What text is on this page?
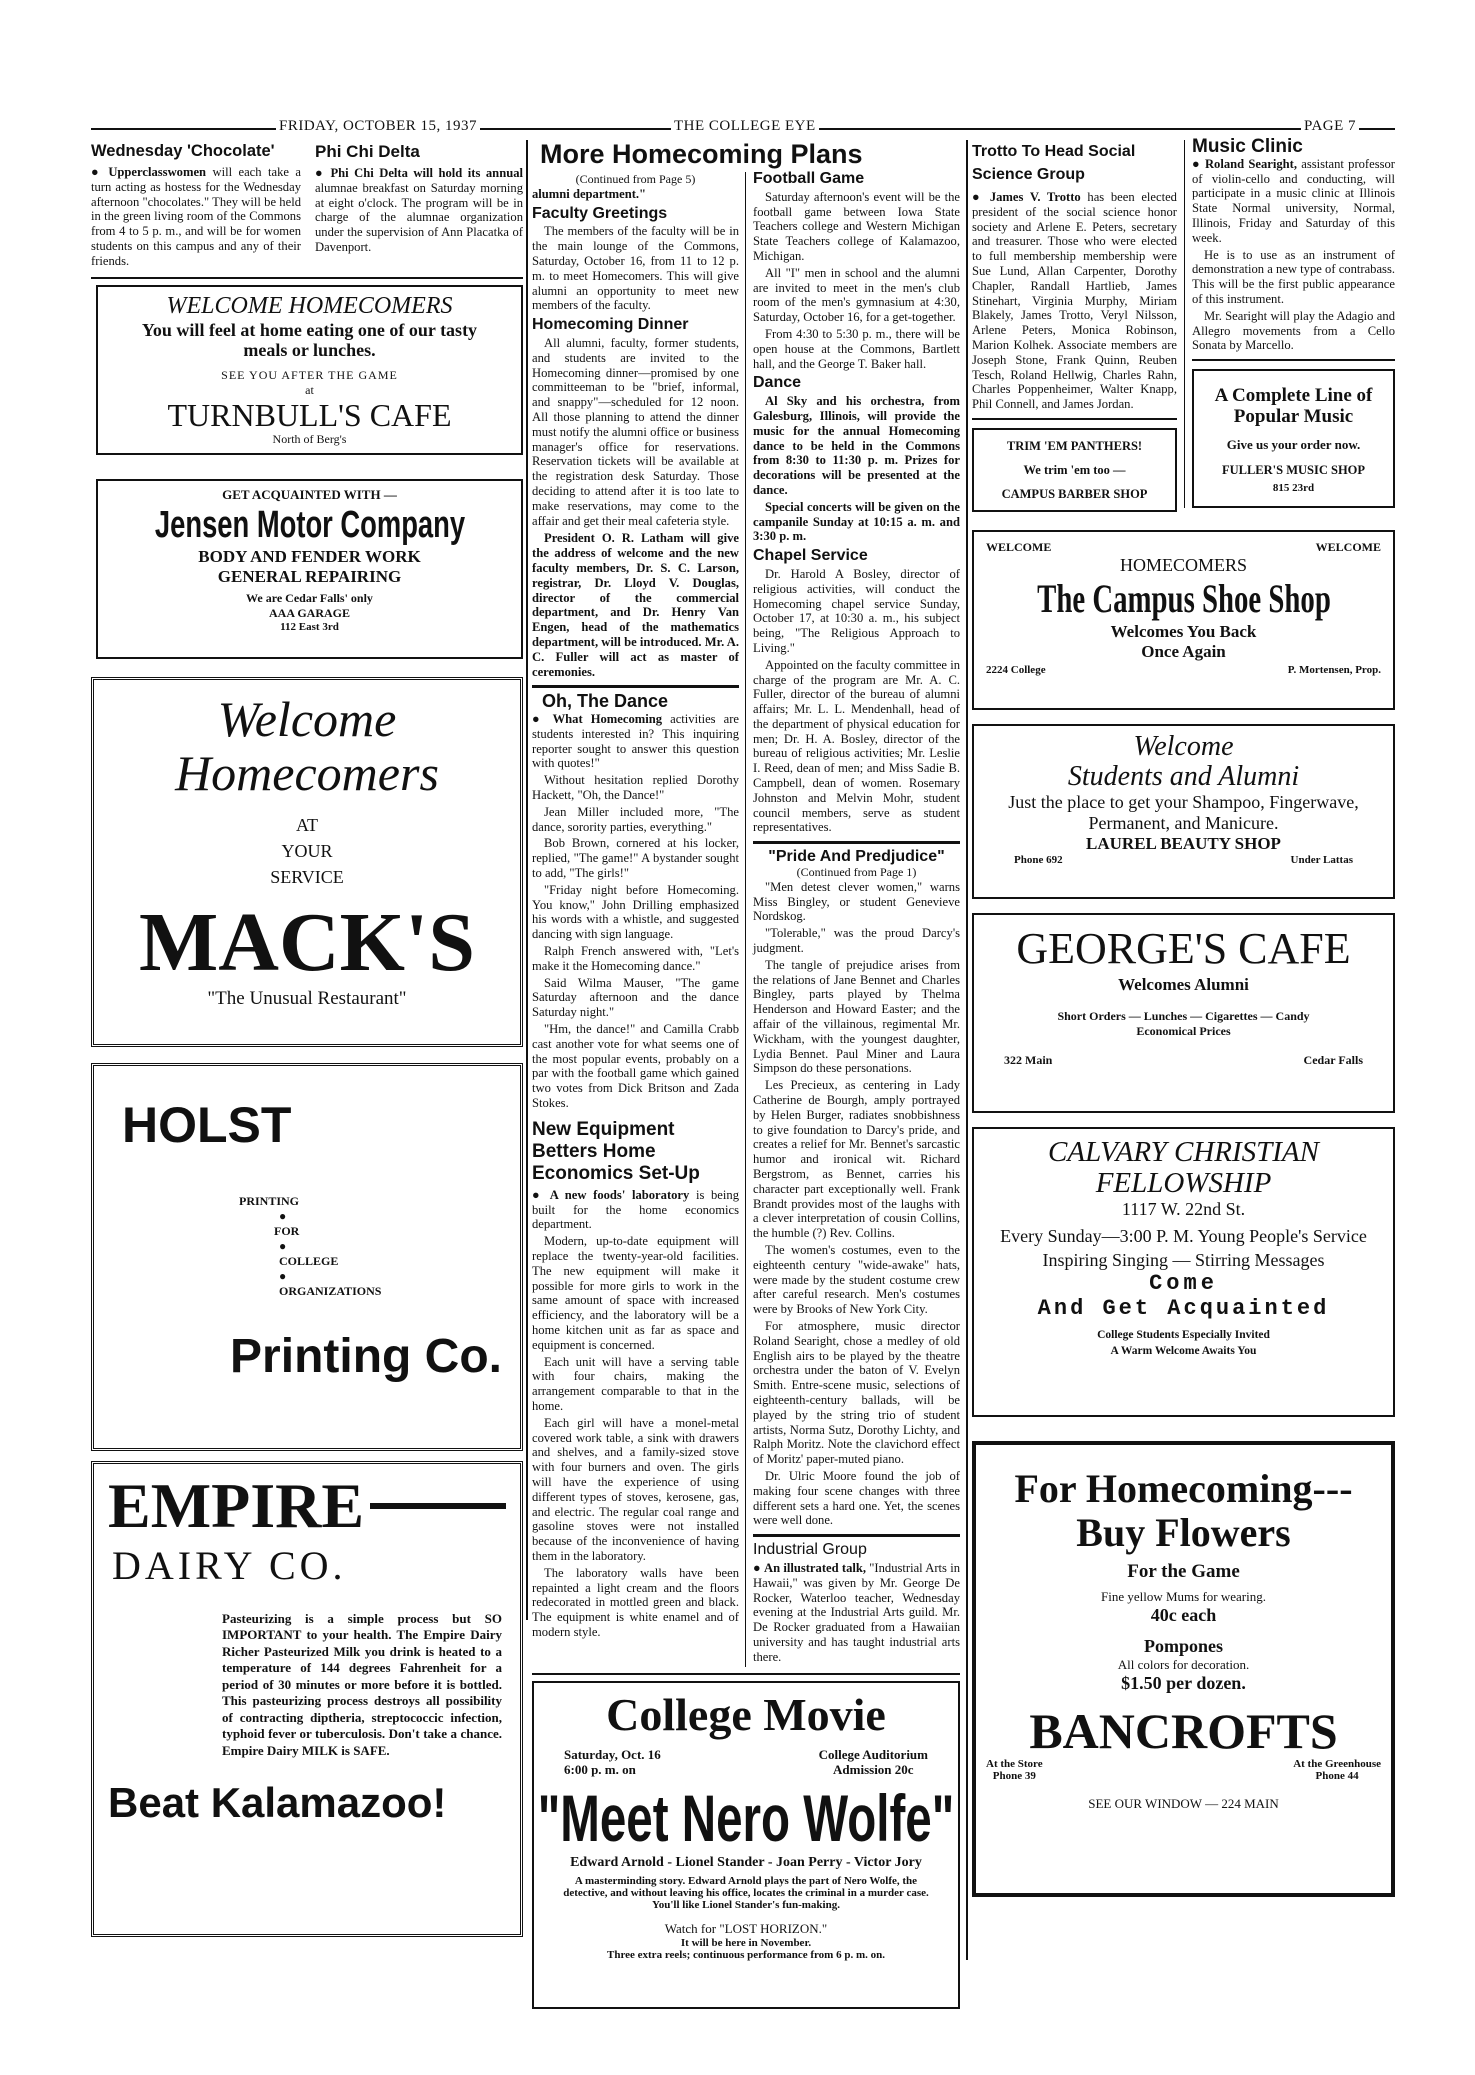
FRIDAY, OCTOBER 15, 1937	THE COLLEGE EYE	PAGE 7
Wednesday 'Chocolate'

● Upperclasswomen will each take a turn acting as hostess for the Wednesday afternoon "chocolates." They will be held in the green living room of the Commons from 4 to 5 p. m., and will be for women students on this campus and any of their friends.

Phi Chi Delta

● Phi Chi Delta will hold its annual alumnae breakfast on Saturday morning at eight o'clock. The program will be in charge of the alumnae organization under the supervision of Ann Placatka of Davenport.

WELCOME HOMECOMERS
You will feel at home eating one of our tasty meals or lunches.
SEE YOU AFTER THE GAME
at
TURNBULL'S CAFE
North of Berg's
GET ACQUAINTED WITH —
Jensen Motor Company
BODY AND FENDER WORK
GENERAL REPAIRING
We are Cedar Falls' only
AAA GARAGE
112 East 3rd
Welcome
Homecomers
AT
YOUR
SERVICE
MACK'S
"The Unusual Restaurant"
HOLST
PRINTING
●
FOR
●
COLLEGE
●
ORGANIZATIONS
Printing Co.
EMPIRE
DAIRY CO.
Pasteurizing is a simple process but SO IMPORTANT to your health. The Empire Dairy Richer Pasteurized Milk you drink is heated to a temperature of 144 degrees Fahrenheit for a period of 30 minutes or more before it is bottled. This pasteurizing process destroys all possibility of contracting diptheria, streptococcic infection, typhoid fever or tuberculosis. Don't take a chance. Empire Dairy MILK is SAFE.
Beat Kalamazoo!
More Homecoming Plans
(Continued from Page 5)

alumni department."

Faculty Greetings

The members of the faculty will be in the main lounge of the Commons, Saturday, October 16, from 11 to 12 p. m. to meet Homecomers. This will give alumni an opportunity to meet new members of the faculty.

Homecoming Dinner

All alumni, faculty, former students, and students are invited to the Homecoming dinner—promised by one committeeman to be "brief, informal, and snappy"—scheduled for 12 noon. All those planning to attend the dinner must notify the alumni office or business manager's office for reservations. Reservation tickets will be available at the registration desk Saturday. Those deciding to attend after it is too late to make reservations, may come to the affair and get their meal cafeteria style.

President O. R. Latham will give the address of welcome and the new faculty members, Dr. S. C. Larson, registrar, Dr. Lloyd V. Douglas, director of the commercial department, and Dr. Henry Van Engen, head of the mathematics department, will be introduced. Mr. A. C. Fuller will act as master of ceremonies.

Oh, The Dance

● What Homecoming activities are students interested in? This inquiring reporter sought to answer this question with quotes!"

Without hesitation replied Dorothy Hackett, "Oh, the Dance!"

Jean Miller included more, "The dance, sorority parties, everything."

Bob Brown, cornered at his locker, replied, "The game!" A bystander sought to add, "The girls!"

"Friday night before Homecoming. You know," John Drilling emphasized his words with a whistle, and suggested dancing with sign language.

Ralph French answered with, "Let's make it the Homecoming dance."

Said Wilma Mauser, "The game Saturday afternoon and the dance Saturday night."

"Hm, the dance!" and Camilla Crabb cast another vote for what seems one of the most popular events, probably on a par with the football game which gained two votes from Dick Britson and Zada Stokes.

New Equipment Betters Home Economics Set-Up

● A new foods' laboratory is being built for the home economics department.

Modern, up-to-date equipment will replace the twenty-year-old facilities. The new equipment will make it possible for more girls to work in the same amount of space with increased efficiency, and the laboratory will be a home kitchen unit as far as space and equipment is concerned.

Each unit will have a serving table with four chairs, making the arrangement comparable to that in the home.

Each girl will have a monel-metal covered work table, a sink with drawers and shelves, and a family-sized stove with four burners and oven. The girls will have the experience of using different types of stoves, kerosene, gas, and electric. The regular coal range and gasoline stoves were not installed because of the inconvenience of having them in the laboratory.

The laboratory walls have been repainted a light cream and the floors redecorated in mottled green and black. The equipment is white enamel and of modern style.

Football Game

Saturday afternoon's event will be the football game between Iowa State Teachers college and Western Michigan State Teachers college of Kalamazoo, Michigan.

All "I" men in school and the alumni are invited to meet in the men's club room of the men's gymnasium at 4:30, Saturday, October 16, for a get-together.

From 4:30 to 5:30 p. m., there will be open house at the Commons, Bartlett hall, and the George T. Baker hall.

Dance

Al Sky and his orchestra, from Galesburg, Illinois, will provide the music for the annual Homecoming dance to be held in the Commons from 8:30 to 11:30 p. m. Prizes for decorations will be presented at the dance.

Special concerts will be given on the campanile Sunday at 10:15 a. m. and 3:30 p. m.

Chapel Service

Dr. Harold A Bosley, director of religious activities, will conduct the Homecoming chapel service Sunday, October 17, at 10:30 a. m., his subject being, "The Religious Approach to Living."

Appointed on the faculty committee in charge of the program are Mr. A. C. Fuller, director of the bureau of alumni affairs; Mr. L. L. Mendenhall, head of the department of physical education for men; Dr. H. A. Bosley, director of the bureau of religious activities; Mr. Leslie I. Reed, dean of men; and Miss Sadie B. Campbell, dean of women. Rosemary Johnston and Melvin Mohr, student council members, serve as student representatives.

"Pride And Predjudice"
(Continued from Page 1)

"Men detest clever women," warns Miss Bingley, or student Genevieve Nordskog.

"Tolerable," was the proud Darcy's judgment.

The tangle of prejudice arises from the relations of Jane Bennet and Charles Bingley, parts played by Thelma Henderson and Howard Easter; and the affair of the villainous, regimental Mr. Wickham, with the youngest daughter, Lydia Bennet. Paul Miner and Laura Simpson do these personations.

Les Precieux, as centering in Lady Catherine de Bourgh, amply portrayed by Helen Burger, radiates snobbishness to give foundation to Darcy's pride, and creates a relief for Mr. Bennet's sarcastic humor and ironical wit. Richard Bergstrom, as Bennet, carries his character part exceptionally well. Frank Brandt provides most of the laughs with a clever interpretation of cousin Collins, the humble (?) Rev. Collins.

The women's costumes, even to the eighteenth century "wide-awake" hats, were made by the student costume crew after careful research. Men's costumes were by Brooks of New York City.

For atmosphere, music director Roland Searight, chose a medley of old English airs to be played by the theatre orchestra under the baton of V. Evelyn Smith. Entre-scene music, selections of eighteenth-century ballads, will be played by the string trio of student artists, Norma Sutz, Dorothy Lichty, and Ralph Moritz. Note the clavichord effect of Moritz' paper-muted piano.

Dr. Ulric Moore found the job of making four scene changes with three different sets a hard one. Yet, the scenes were well done.

Industrial Group

● An illustrated talk, "Industrial Arts in Hawaii," was given by Mr. George De Rocker, Waterloo teacher, Wednesday evening at the Industrial Arts guild. Mr. De Rocker graduated from a Hawaiian university and has taught industrial arts there.

College Movie
Saturday, Oct. 16
6:00 p. m. on
College Auditorium
Admission 20c
"Meet Nero Wolfe"
Edward Arnold - Lionel Stander - Joan Perry - Victor Jory
A masterminding story. Edward Arnold plays the part of Nero Wolfe, the detective, and without leaving his office, locates the criminal in a murder case. You'll like Lionel Stander's fun-making.
Watch for "LOST HORIZON."
It will be here in November.
Three extra reels; continuous performance from 6 p. m. on.
Trotto To Head Social Science Group

● James V. Trotto has been elected president of the social science honor society and Arlene E. Peters, secretary and treasurer. Those who were elected to full membership membership were Sue Lund, Allan Carpenter, Dorothy Chapler, Randall Hartlieb, James Stinehart, Virginia Murphy, Miriam Blakely, James Trotto, Veryl Nilsson, Arlene Peters, Monica Robinson, Marion Kolhek. Associate members are Joseph Stone, Frank Quinn, Reuben Tesch, Roland Hellwig, Charles Rahn, Charles Poppenheimer, Walter Knapp, Phil Connell, and James Jordan.

TRIM 'EM PANTHERS!
We trim 'em too —
CAMPUS BARBER SHOP
Music Clinic

● Roland Searight, assistant professor of violin-cello and conducting, will participate in a music clinic at Illinois State Normal university, Normal, Illinois, Friday and Saturday of this week.

He is to use as an instrument of demonstration a new type of contrabass. This will be the first public appearance of this instrument.

Mr. Searight will play the Adagio and Allegro movements from a Cello Sonata by Marcello.

A Complete Line of Popular Music
Give us your order now.
FULLER'S MUSIC SHOP
815 23rd
WELCOME	WELCOME
HOMECOMERS
The Campus Shoe Shop
Welcomes You Back
Once Again
2224 College	P. Mortensen, Prop.
Welcome
Students and Alumni
Just the place to get your Shampoo, Fingerwave, Permanent, and Manicure.
LAUREL BEAUTY SHOP
Phone 692	Under Lattas
GEORGE'S CAFE
Welcomes Alumni
Short Orders — Lunches — Cigarettes — Candy
Economical Prices
322 Main	Cedar Falls
CALVARY CHRISTIAN FELLOWSHIP
1117 W. 22nd St.
Every Sunday—3:00 P. M. Young People's Service
Inspiring Singing — Stirring Messages
Come
And Get Acquainted
College Students Especially Invited
A Warm Welcome Awaits You
For Homecoming---
Buy Flowers
For the Game
Fine yellow Mums for wearing.
40c each
Pompones
All colors for decoration.
$1.50 per dozen.
BANCROFTS
At the Store
Phone 39
At the Greenhouse
Phone 44
SEE OUR WINDOW — 224 MAIN
